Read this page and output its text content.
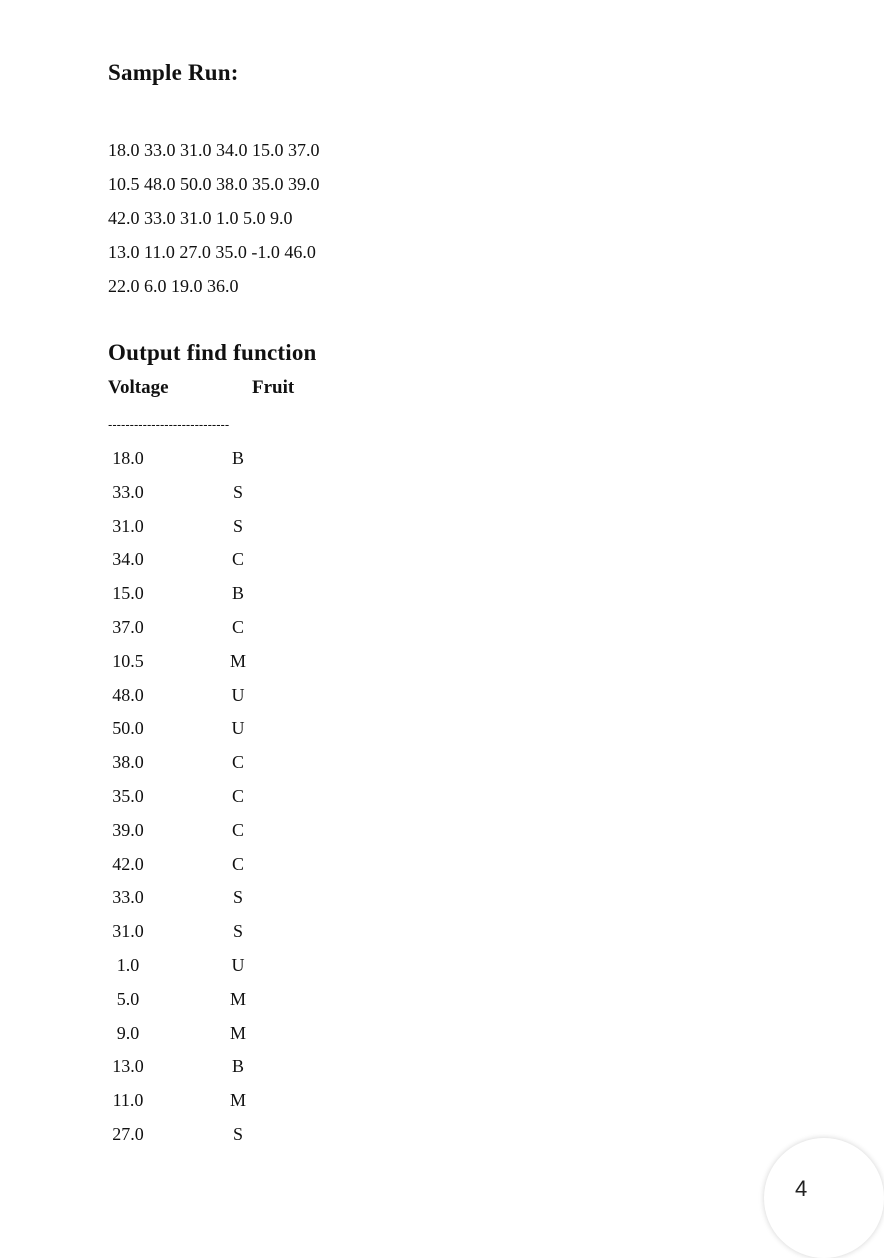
Sample Run:
18.0 33.0 31.0 34.0 15.0 37.0
10.5 48.0 50.0 38.0 35.0 39.0
42.0 33.0 31.0 1.0 5.0 9.0
13.0 11.0 27.0 35.0 -1.0 46.0
22.0 6.0 19.0 36.0
Output find function
Voltage	Fruit
----------------------------
18.0	B
33.0	S
31.0	S
34.0	C
15.0	B
37.0	C
10.5	M
48.0	U
50.0	U
38.0	C
35.0	C
39.0	C
42.0	C
33.0	S
31.0	S
1.0	U
5.0	M
9.0	M
13.0	B
11.0	M
27.0	S
4
